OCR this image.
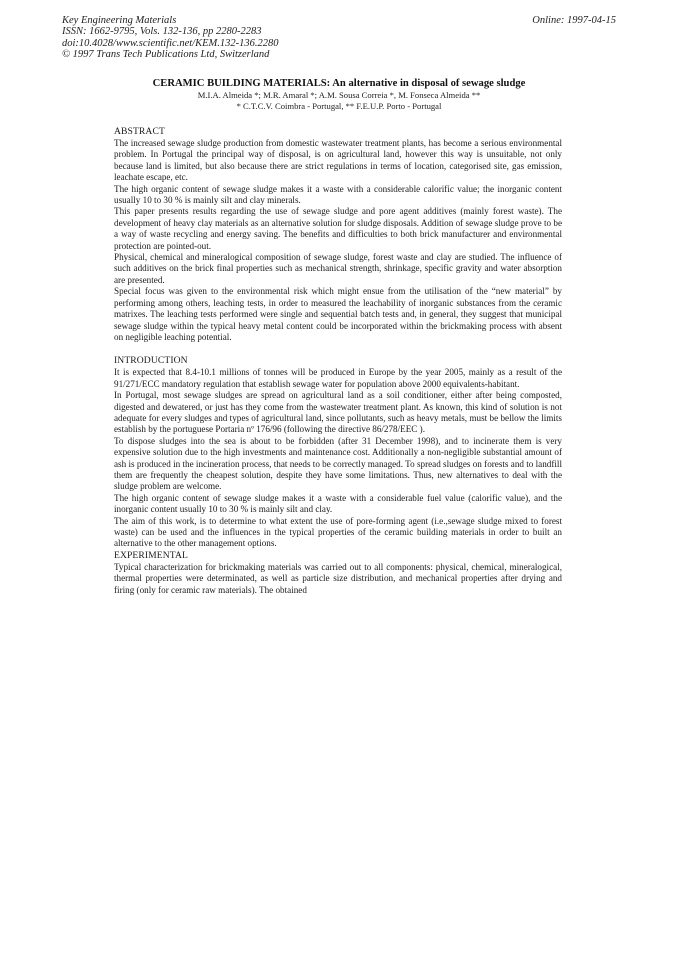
Key Engineering Materials
ISSN: 1662-9795, Vols. 132-136, pp 2280-2283
doi:10.4028/www.scientific.net/KEM.132-136.2280
© 1997 Trans Tech Publications Ltd, Switzerland
Online: 1997-04-15
CERAMIC BUILDING MATERIALS: An alternative in disposal of sewage sludge
M.I.A. Almeida *; M.R. Amaral *; A.M. Sousa Correia *, M. Fonseca Almeida **
* C.T.C.V. Coimbra - Portugal, ** F.E.U.P. Porto - Portugal
ABSTRACT

The increased sewage sludge production from domestic wastewater treatment plants, has become a serious environmental problem. In Portugal the principal way of disposal, is on agricultural land, however this way is unsuitable, not only because land is limited, but also because there are strict regulations in terms of location, categorised site, gas emission, leachate escape, etc.

The high organic content of sewage sludge makes it a waste with a considerable calorific value; the inorganic content usually 10 to 30 % is mainly silt and clay minerals.

This paper presents results regarding the use of sewage sludge and pore agent additives (mainly forest waste). The development of heavy clay materials as an alternative solution for sludge disposals. Addition of sewage sludge prove to be a way of waste recycling and energy saving. The benefits and difficulties to both brick manufacturer and environmental protection are pointed-out.

Physical, chemical and mineralogical composition of sewage sludge, forest waste and clay are studied. The influence of such additives on the brick final properties such as mechanical strength, shrinkage, specific gravity and water absorption are presented.

Special focus was given to the environmental risk which might ensue from the utilisation of the “new material” by performing among others, leaching tests, in order to measured the leachability of inorganic substances from the ceramic matrixes. The leaching tests performed were single and sequential batch tests and, in general, they suggest that municipal sewage sludge within the typical heavy metal content could be incorporated within the brickmaking process with absent on negligible leaching potential.

INTRODUCTION

It is expected that 8.4-10.1 millions of tonnes will be produced in Europe by the year 2005, mainly as a result of the 91/271/ECC mandatory regulation that establish sewage water for population above 2000 equivalents-habitant.

In Portugal, most sewage sludges are spread on agricultural land as a soil conditioner, either after being composted, digested and dewatered, or just has they come from the wastewater treatment plant. As known, this kind of solution is not adequate for every sludges and types of agricultural land, since pollutants, such as heavy metals, must be bellow the limits establish by the portuguese Portaria nº 176/96 (following the directive 86/278/EEC ).

To dispose sludges into the sea is about to be forbidden (after 31 December 1998), and to incinerate them is very expensive solution due to the high investments and maintenance cost. Additionally a non-negligible substantial amount of ash is produced in the incineration process, that needs to be correctly managed. To spread sludges on forests and to landfill them are frequently the cheapest solution, despite they have some limitations. Thus, new alternatives to deal with the sludge problem are welcome.

The high organic content of sewage sludge makes it a waste with a considerable fuel value (calorific value), and the inorganic content usually 10 to 30 % is mainly silt and clay.

The aim of this work, is to determine to what extent the use of pore-forming agent (i.e.,sewage sludge mixed to forest waste) can be used and the influences in the typical properties of the ceramic building materials in order to built an alternative to the other management options.

EXPERIMENTAL

Typical characterization for brickmaking materials was carried out to all components: physical, chemical, mineralogical, thermal properties were determinated, as well as particle size distribution, and mechanical properties after drying and firing (only for ceramic raw materials). The obtained
